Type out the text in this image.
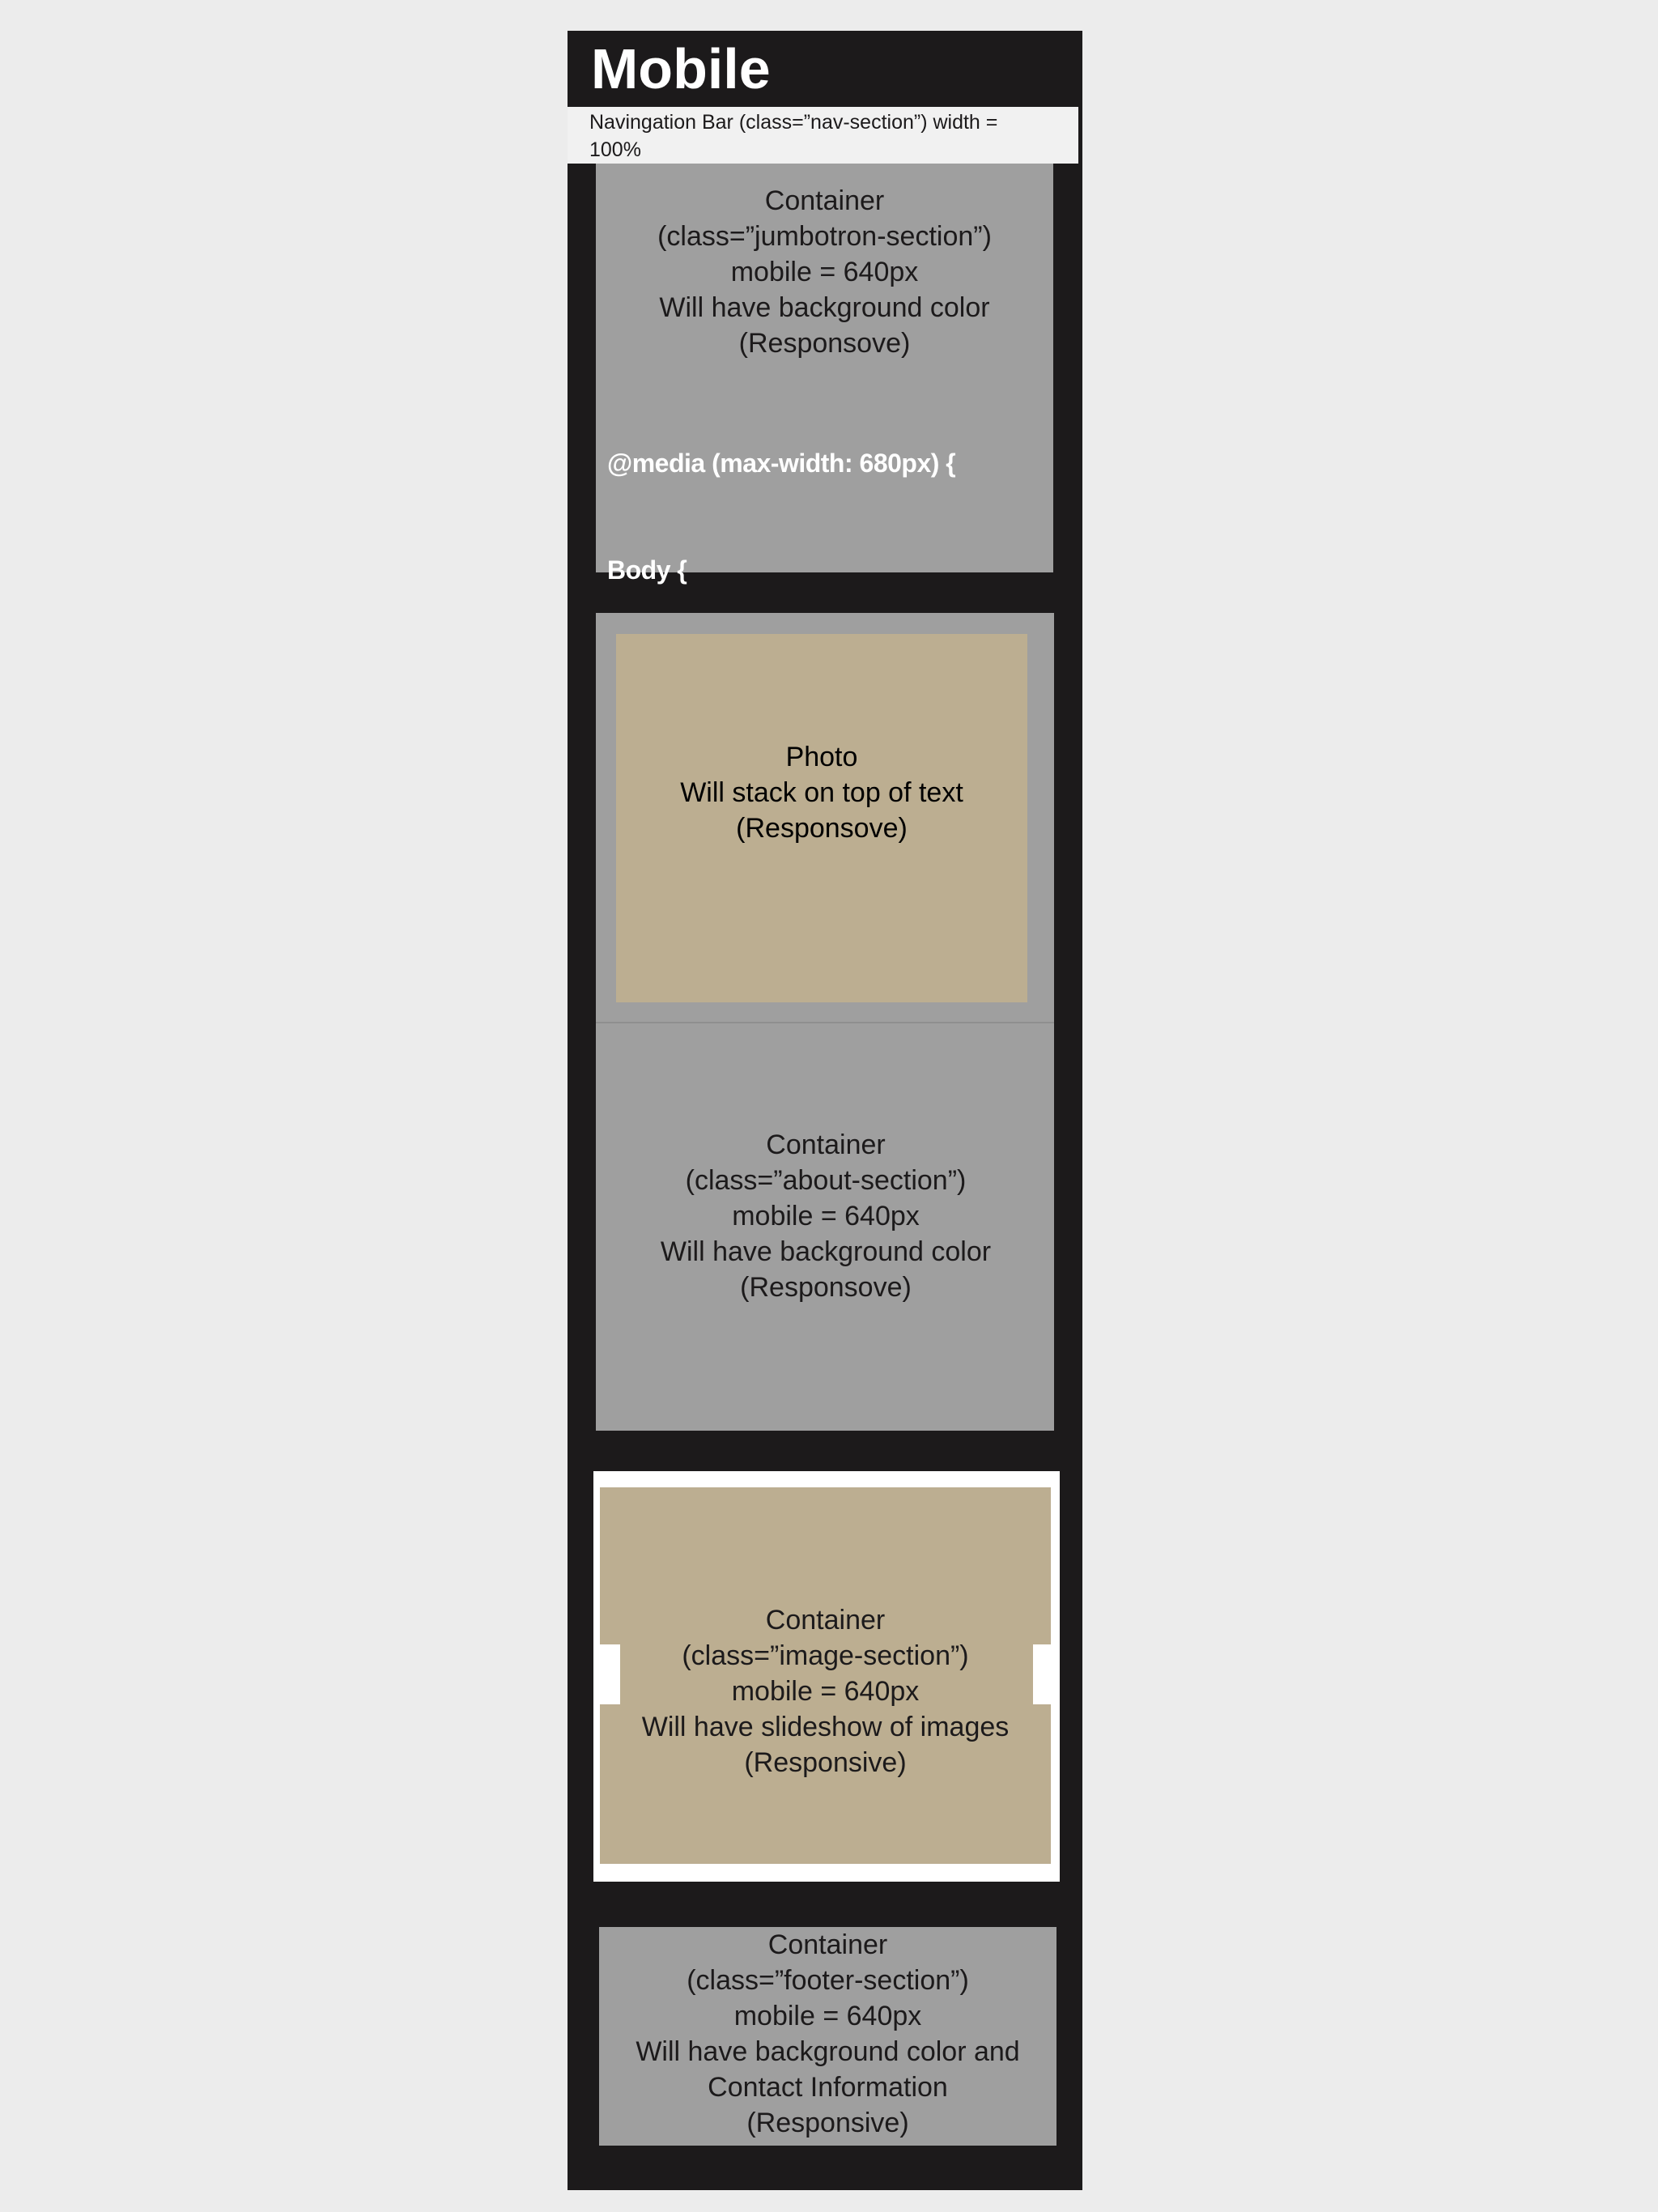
Mobile
Navingation Bar (class=”nav-section”) width =
100%
Container
(class=”jumbotron-section”)
mobile = 640px
Will have background color
(Responsove)

@media (max-width: 680px) {

Body {

Photo
Will stack on top of text
(Responsove)
Container
(class=”about-section”)
mobile = 640px
Will have background color
(Responsove)
Container
(class=”image-section”)
mobile = 640px
Will have slideshow of images
(Responsive)
Container
(class=”footer-section”)
mobile = 640px
Will have background color and
Contact Information
(Responsive)
